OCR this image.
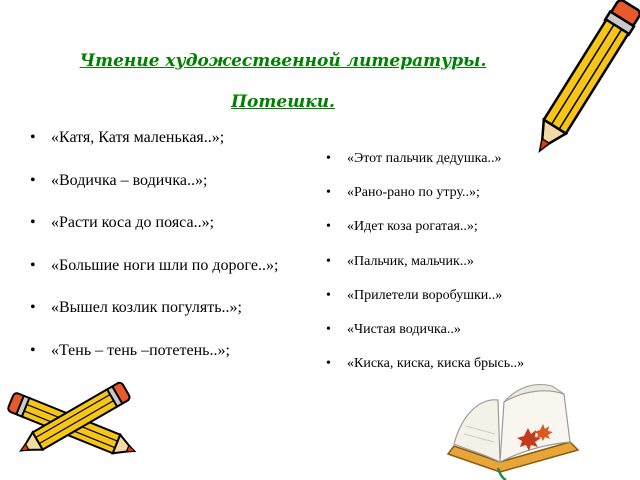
Чтение художественной литературы.
Потешки.
• «Катя, Катя маленькая..»;
• «Водичка – водичка..»;
• «Расти коса до пояса..»;
• «Большие ноги шли по дороге..»;
• «Вышел козлик погулять..»;
• «Тень – тень –потетень..»;
• «Этот пальчик дедушка..»
• «Рано-рано по утру..»;
• «Идет коза рогатая..»;
• «Пальчик, мальчик..»
• «Прилетели воробушки..»
• «Чистая водичка..»
• «Киска, киска, киска брысь..»
